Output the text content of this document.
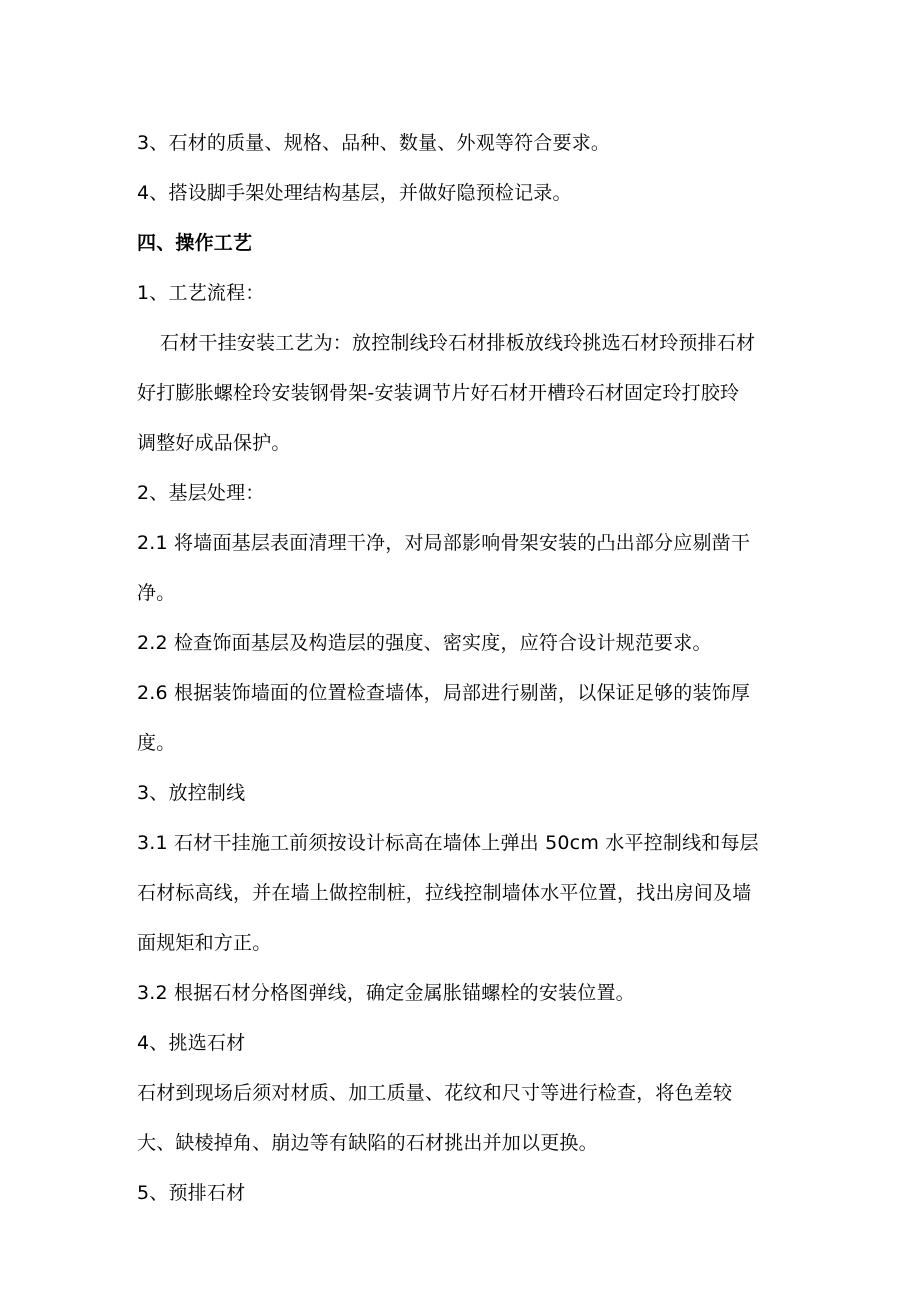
3、石材的质量、规格、品种、数量、外观等符合要求。
4、搭设脚手架处理结构基层，并做好隐预检记录。
四、操作工艺
1、工艺流程：
石材干挂安装工艺为：放控制线玲石材排板放线玲挑选石材玲预排石材
好打膨胀螺栓玲安装钢骨架-安装调节片好石材开槽玲石材固定玲打胶玲
调整好成品保护。
2、基层处理：
2.1 将墙面基层表面清理干净，对局部影响骨架安装的凸出部分应剔凿干
净。
2.2 检查饰面基层及构造层的强度、密实度，应符合设计规范要求。
2.6 根据装饰墙面的位置检查墙体，局部进行剔凿，以保证足够的装饰厚
度。
3、放控制线
3.1 石材干挂施工前须按设计标高在墙体上弹出 50cm 水平控制线和每层
石材标高线，并在墙上做控制桩，拉线控制墙体水平位置，找出房间及墙
面规矩和方正。
3.2 根据石材分格图弹线，确定金属胀锚螺栓的安装位置。
4、挑选石材
石材到现场后须对材质、加工质量、花纹和尺寸等进行检查，将色差较
大、缺棱掉角、崩边等有缺陷的石材挑出并加以更换。
5、预排石材
